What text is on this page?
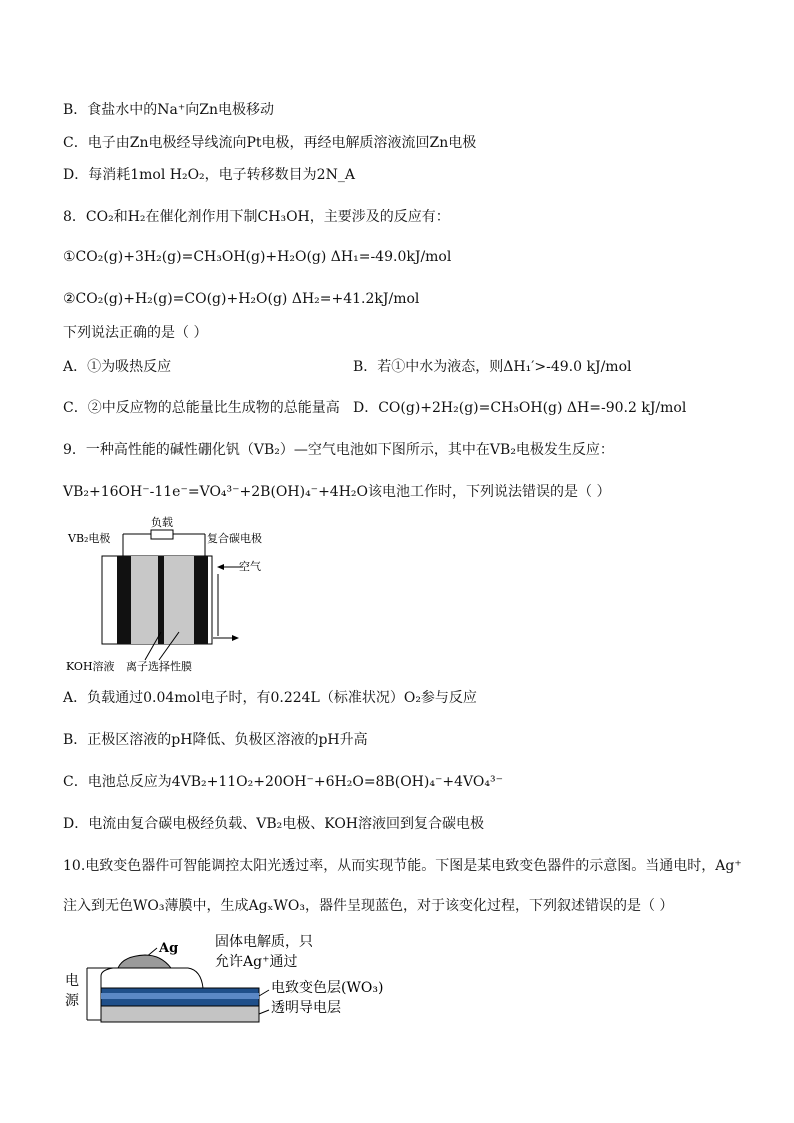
B．食盐水中的Na⁺向Zn电极移动
C．电子由Zn电极经导线流向Pt电极，再经电解质溶液流回Zn电极
D．每消耗1mol H₂O₂，电子转移数目为2N_A
8．CO₂和H₂在催化剂作用下制CH₃OH，主要涉及的反应有：
①CO₂(g)+3H₂(g)=CH₃OH(g)+H₂O(g) ΔH₁=-49.0kJ/mol
②CO₂(g)+H₂(g)=CO(g)+H₂O(g) ΔH₂=+41.2kJ/mol
下列说法正确的是（ ）
A．①为吸热反应	B．若①中水为液态，则ΔH₁′>-49.0 kJ/mol
C．②中反应物的总能量比生成物的总能量高 D．CO(g)+2H₂(g)=CH₃OH(g) ΔH=-90.2 kJ/mol
9．一种高性能的碱性硼化钒（VB₂）—空气电池如下图所示，其中在VB₂电极发生反应：
VB₂+16OH⁻-11e⁻=VO₄³⁻+2B(OH)₄⁻+4H₂O该电池工作时，下列说法错误的是（ ）
负载
VB₂电极	复合碳电极
空气
KOH溶液 离子选择性膜
A．负载通过0.04mol电子时，有0.224L（标准状况）O₂参与反应
B．正极区溶液的pH降低、负极区溶液的pH升高
C．电池总反应为4VB₂+11O₂+20OH⁻+6H₂O=8B(OH)₄⁻+4VO₄³⁻
D．电流由复合碳电极经负载、VB₂电极、KOH溶液回到复合碳电极
10.电致变色器件可智能调控太阳光透过率，从而实现节能。下图是某电致变色器件的示意图。当通电时，Ag⁺
注入到无色WO₃薄膜中，生成AgₓWO₃，器件呈现蓝色，对于该变化过程，下列叙述错误的是（ ）
Ag	固体电解质，只
允许Ag⁺通过
电
源
电致变色层(WO₃)
透明导电层
